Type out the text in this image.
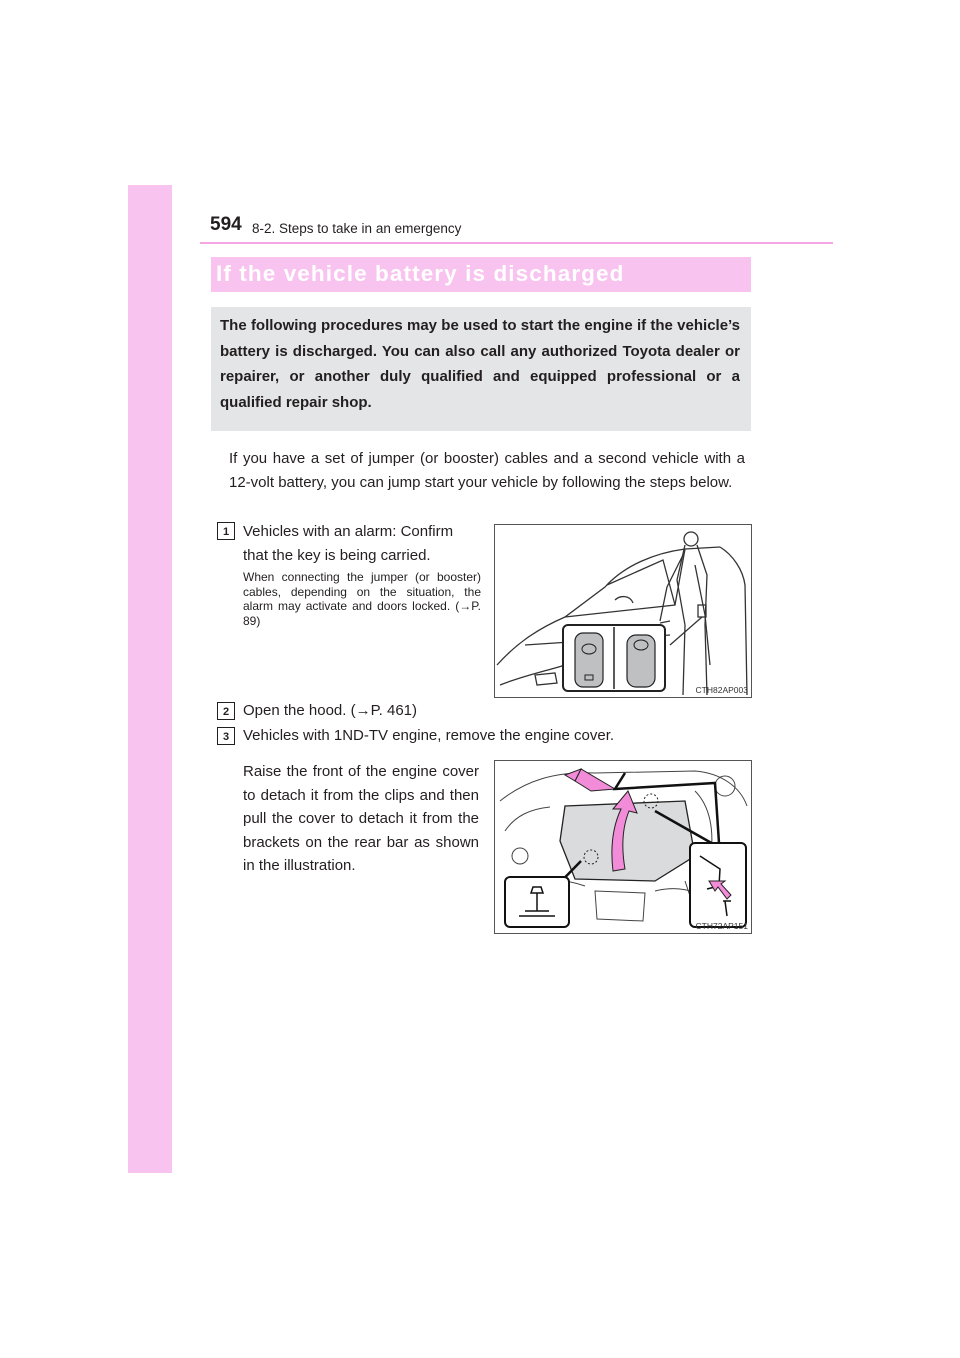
594 8-2. Steps to take in an emergency
If the vehicle battery is discharged
The following procedures may be used to start the engine if the vehicle’s battery is discharged. You can also call any authorized Toyota dealer or repairer, or another duly qualified and equipped professional or a qualified repair shop.
If you have a set of jumper (or booster) cables and a second vehicle with a 12-volt battery, you can jump start your vehicle by following the steps below.
1 Vehicles with an alarm: Confirm that the key is being carried.
When connecting the jumper (or booster) cables, depending on the situation, the alarm may activate and doors locked. (→P. 89)
CTH82AP003
2 Open the hood. (→P. 461)
3 Vehicles with 1ND-TV engine, remove the engine cover.
Raise the front of the engine cover to detach it from the clips and then pull the cover to detach it from the brackets on the rear bar as shown in the illustration.
CTH72AP151
